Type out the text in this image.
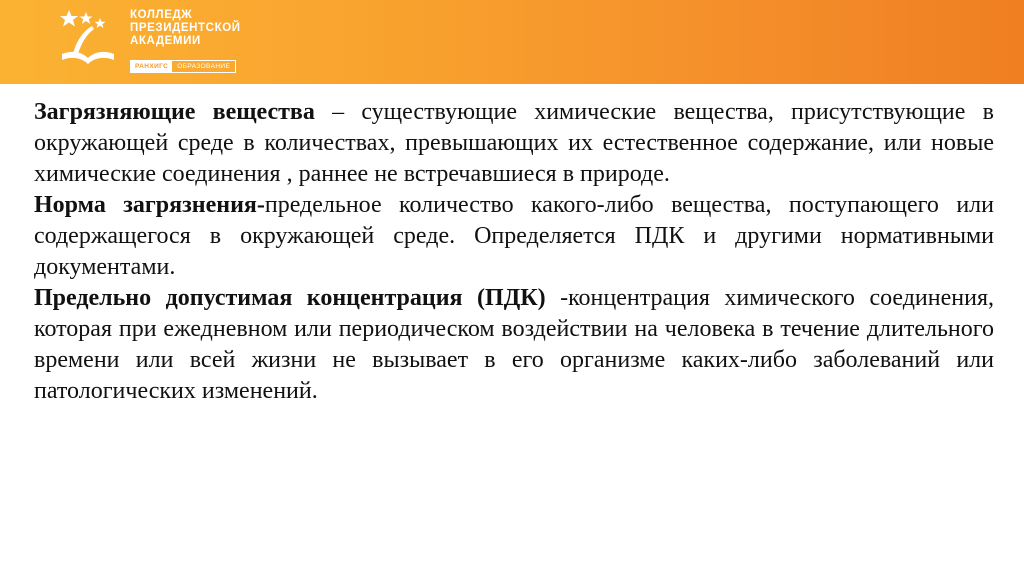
КОЛЛЕДЖ
ПРЕЗИДЕНТСКОЙ
АКАДЕМИИ
РАНХИГС	ОБРАЗОВАНИЕ

Загрязняющие вещества – существующие химические вещества, присутствующие в окружающей среде в количествах, превышающих их естественное содержание, или новые химические соединения , раннее не встречавшиеся в природе.

Норма загрязнения-предельное количество какого-либо вещества, поступающего или содержащегося в окружающей среде. Определяется ПДК и другими нормативными документами.

Предельно допустимая концентрация (ПДК) -концентрация химического соединения, которая при ежедневном или периодическом воздействии на человека в течение длительного времени или всей жизни не вызывает в его организме каких-либо заболеваний или патологических изменений.
